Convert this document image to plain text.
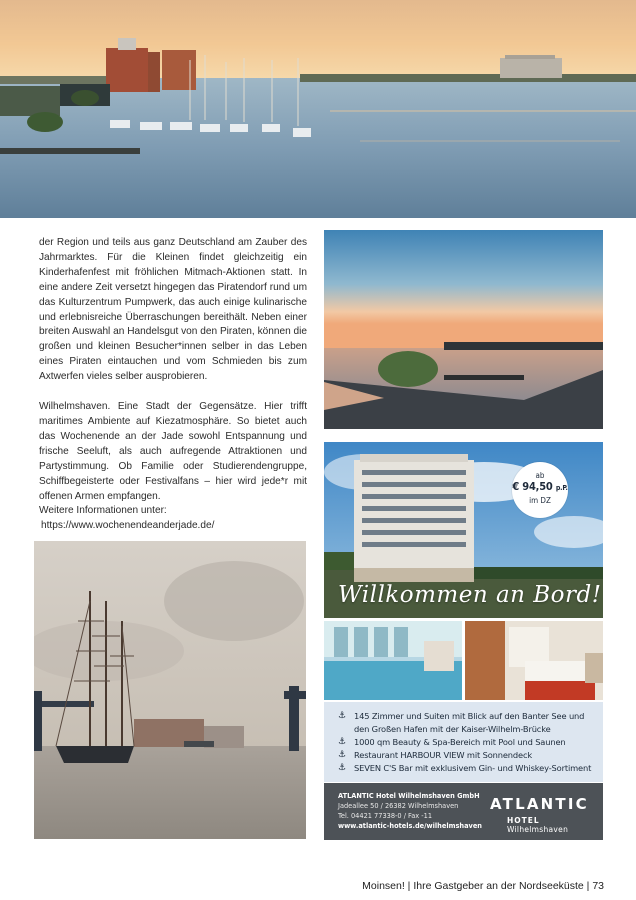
der Region und teils aus ganz Deutschland am Zauber des Jahrmarktes. Für die Kleinen findet gleichzeitig ein Kinderhafenfest mit fröhlichen Mitmach-Aktionen statt. In eine andere Zeit versetzt hingegen das Piratendorf rund um das Kulturzentrum Pumpwerk, das auch einige kulinarische und erlebnisreiche Überraschungen bereithält. Neben einer breiten Auswahl an Handelsgut von den Piraten, können die großen und kleinen Besucher*innen selber in das Leben eines Piraten eintauchen und vom Schmieden bis zum Axtwerfen vieles selber ausprobieren.

Wilhelmshaven. Eine Stadt der Gegensätze. Hier trifft maritimes Ambiente auf Kiezatmosphäre. So bietet auch das Wochenende an der Jade sowohl Entspannung und frische Seeluft, als auch aufregende Attraktionen und Partystimmung. Ob Familie oder Studierendengruppe, Schiffbegeisterte oder Festivalfans – hier wird jede*r mit offenen Armen empfangen.

Weitere Informationen unter:

https://www.wochenendeanderjade.de/

ab
€ 94,50 p.P.
im DZ
Willkommen an Bord!
⚓ 145 Zimmer und Suiten mit Blick auf den Banter See und
den Großen Hafen mit der Kaiser-Wilhelm-Brücke
⚓ 1000 qm Beauty & Spa-Bereich mit Pool und Saunen
⚓ Restaurant HARBOUR VIEW mit Sonnendeck
⚓ SEVEN C'S Bar mit exklusivem Gin- und Whiskey-Sortiment
ATLANTIC Hotel Wilhelmshaven GmbH
Jadeallee 50 / 26382 Wilhelmshaven
Tel. 04421 77338-0 / Fax -11
www.atlantic-hotels.de/wilhelmshaven
ATLANTIC
HOTEL Wilhelmshaven
Moinsen! | Ihre Gastgeber an der Nordseeküste | 73
